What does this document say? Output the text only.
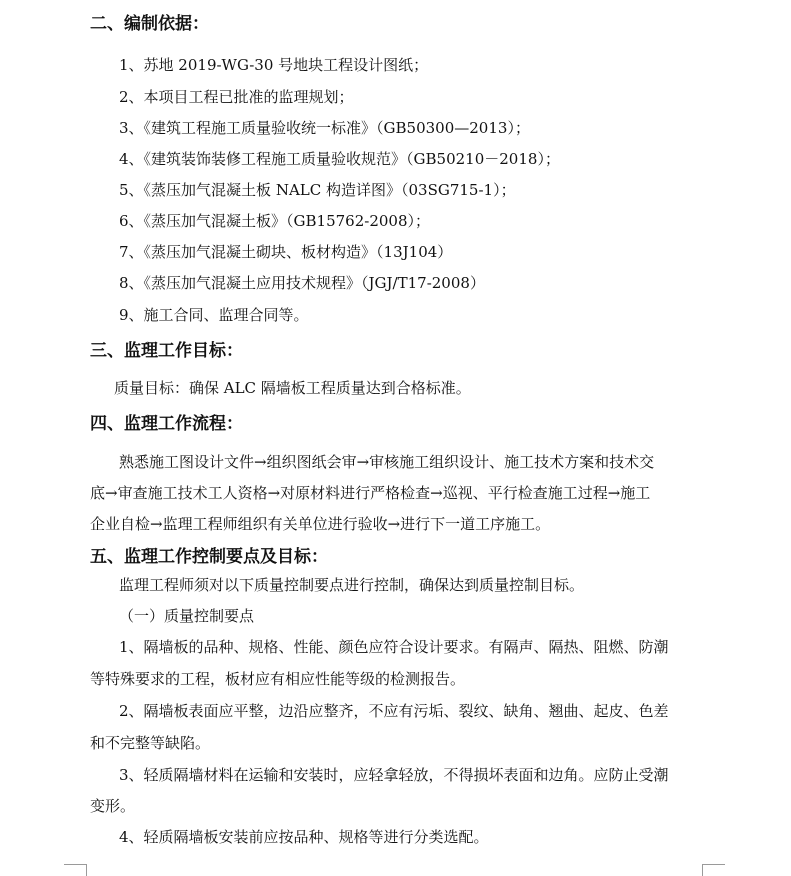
二、编制依据：
1、苏地 2019-WG-30 号地块工程设计图纸；
2、本项目工程已批准的监理规划；
3、《建筑工程施工质量验收统一标准》（GB50300—2013）；
4、《建筑装饰装修工程施工质量验收规范》（GB50210－2018）；
5、《蒸压加气混凝土板 NALC 构造详图》（03SG715-1）；
6、《蒸压加气混凝土板》（GB15762-2008）；
7、《蒸压加气混凝土砌块、板材构造》（13J104）
8、《蒸压加气混凝土应用技术规程》（JGJ/T17-2008）
9、施工合同、监理合同等。
三、监理工作目标：
质量目标：确保 ALC 隔墙板工程质量达到合格标准。
四、监理工作流程：
熟悉施工图设计文件→组织图纸会审→审核施工组织设计、施工技术方案和技术交
底→审查施工技术工人资格→对原材料进行严格检查→巡视、平行检查施工过程→施工
企业自检→监理工程师组织有关单位进行验收→进行下一道工序施工。
五、监理工作控制要点及目标：
监理工程师须对以下质量控制要点进行控制，确保达到质量控制目标。
（一）质量控制要点
1、隔墙板的品种、规格、性能、颜色应符合设计要求。有隔声、隔热、阻燃、防潮
等特殊要求的工程，板材应有相应性能等级的检测报告。
2、隔墙板表面应平整，边沿应整齐，不应有污垢、裂纹、缺角、翘曲、起皮、色差
和不完整等缺陷。
3、轻质隔墙材料在运输和安装时，应轻拿轻放，不得损坏表面和边角。应防止受潮
变形。
4、轻质隔墙板安装前应按品种、规格等进行分类选配。
